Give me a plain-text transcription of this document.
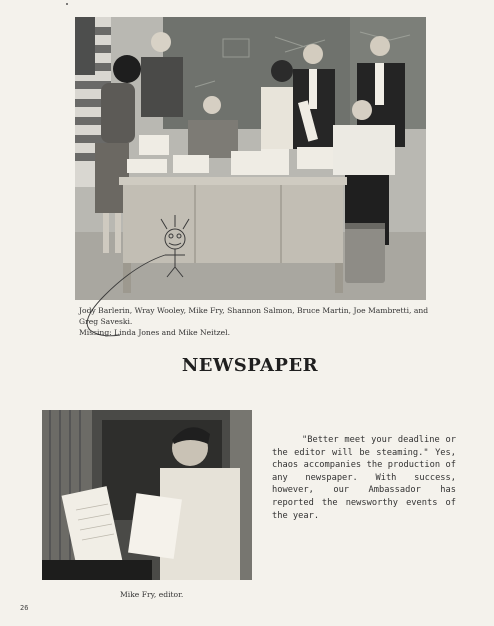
Jody Barlerin, Wray Wooley, Mike Fry, Shannon Salmon, Bruce Martin, Joe Mambretti, and Greg Saveski.
Missing: Linda Jones and Mike Neitzel.
NEWSPAPER
Mike Fry, editor.
"Better meet your deadline or the editor will be steaming." Yes, chaos accompanies the production of any newspaper. With success, however, our Ambassador has reported the newsworthy events of the year.
26
